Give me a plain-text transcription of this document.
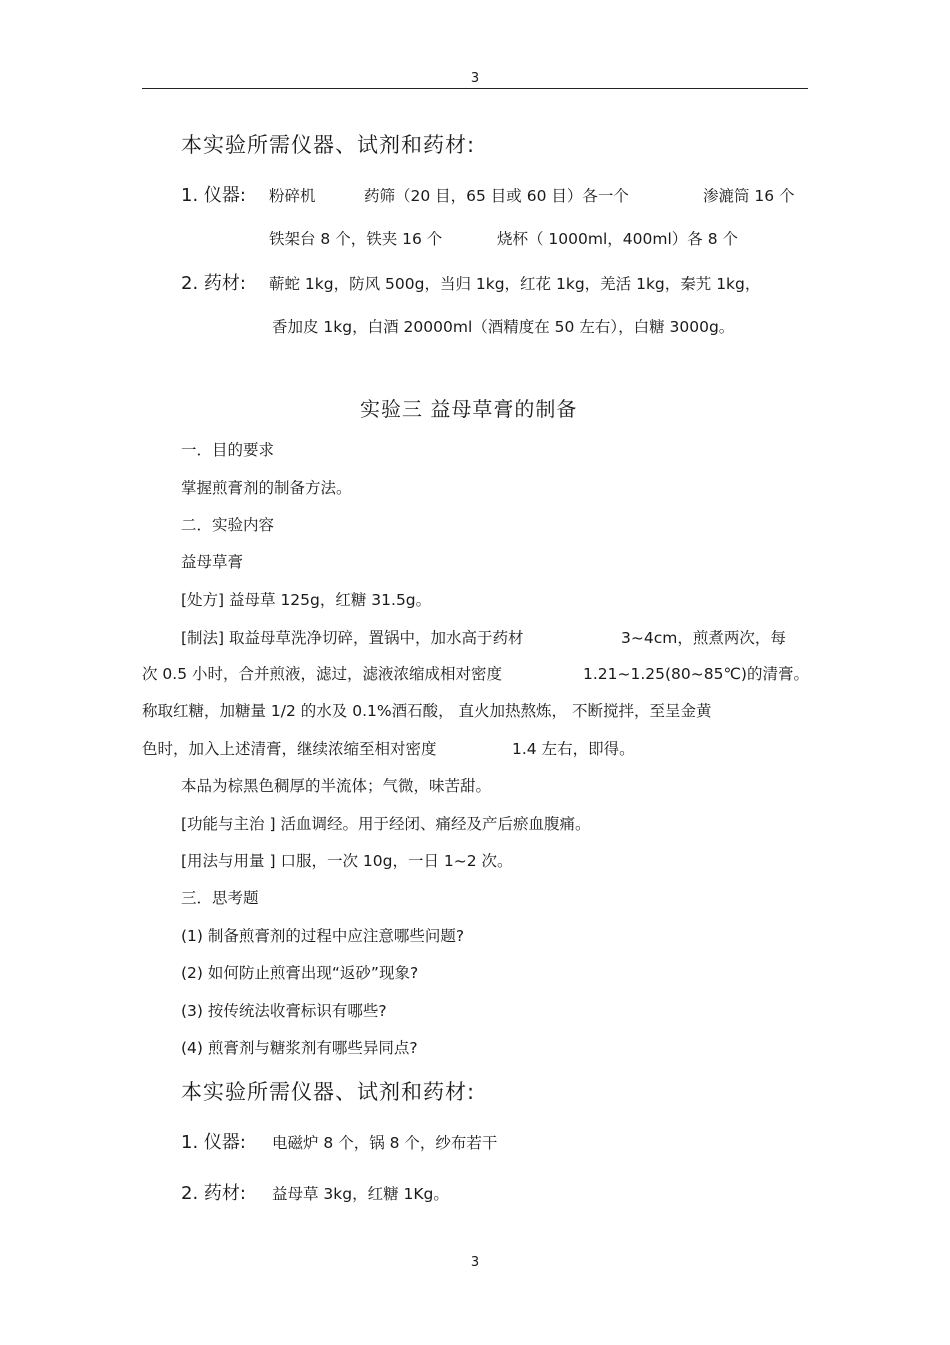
3
本实验所需仪器、试剂和药材:
1. 仪器: 粉碎机	药筛（20 目，65 目或 60 目）各一个	渗漉筒 16 个
铁架台 8 个，铁夹 16 个	烧杯（ 1000ml，400ml）各 8 个
2. 药材: 蕲蛇 1kg，防风 500g，当归 1kg，红花 1kg，羌活 1kg，秦艽 1kg，
香加皮 1kg，白酒 20000ml（酒精度在 50 左右），白糖 3000g。
实验三 益母草膏的制备
一．目的要求
掌握煎膏剂的制备方法。
二．实验内容
益母草膏
[处方] 益母草 125g，红糖 31.5g。
[制法] 取益母草洗净切碎，置锅中，加水高于药材	3~4cm，煎煮两次，每
次 0.5 小时，合并煎液，滤过，滤液浓缩成相对密度	1.21~1.25(80~85℃)的清膏。
称取红糖，加糖量 1/2 的水及 0.1%酒石酸， 直火加热熬炼， 不断搅拌，至呈金黄
色时，加入上述清膏，继续浓缩至相对密度	1.4 左右，即得。
本品为棕黑色稠厚的半流体；气微，味苦甜。
[功能与主治 ] 活血调经。用于经闭、痛经及产后瘀血腹痛。
[用法与用量 ] 口服，一次 10g，一日 1~2 次。
三．思考题
(1) 制备煎膏剂的过程中应注意哪些问题?
(2) 如何防止煎膏出现“返砂”现象?
(3) 按传统法收膏标识有哪些?
(4) 煎膏剂与糖浆剂有哪些异同点?
本实验所需仪器、试剂和药材:
1. 仪器: 电磁炉 8 个，锅 8 个，纱布若干
2. 药材: 益母草 3kg，红糖 1Kg。
3
